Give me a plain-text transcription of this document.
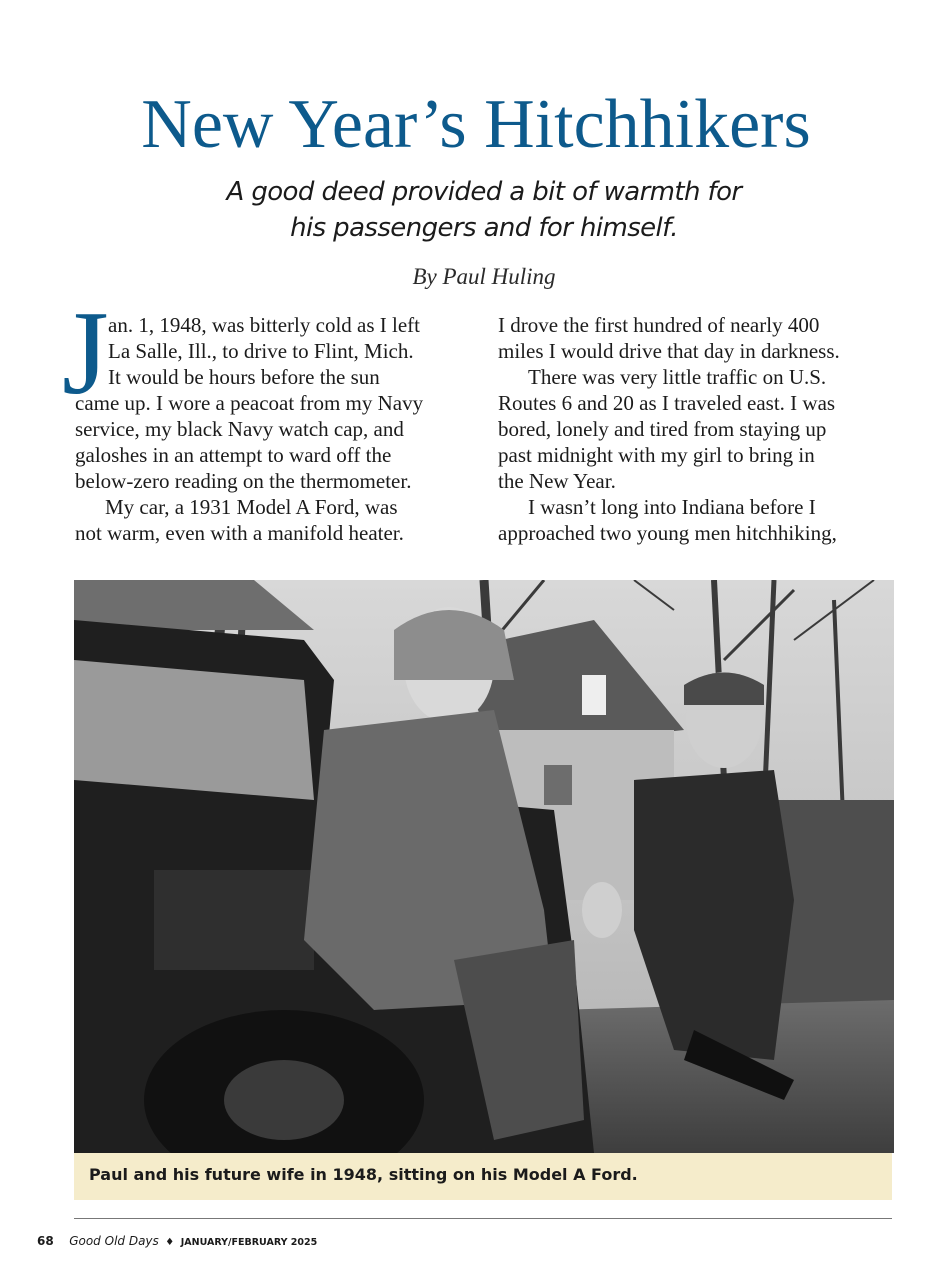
New Year’s Hitchhikers
A good deed provided a bit of warmth for
his passengers and for himself.
By Paul Huling
J an. 1, 1948, was bitterly cold as I left

La Salle, Ill., to drive to Flint, Mich.

It would be hours before the sun

came up. I wore a peacoat from my Navy

service, my black Navy watch cap, and

galoshes in an attempt to ward off the

below-zero reading on the thermometer.

My car, a 1931 Model A Ford, was

not warm, even with a manifold heater.

I drove the first hundred of nearly 400

miles I would drive that day in darkness.

There was very little traffic on U.S.

Routes 6 and 20 as I traveled east. I was

bored, lonely and tired from staying up

past midnight with my girl to bring in

the New Year.

I wasn’t long into Indiana before I

approached two young men hitchhiking,

Paul and his future wife in 1948, sitting on his Model A Ford.
68 Good Old Days ♦ JANUARY/FEBRUARY 2025
